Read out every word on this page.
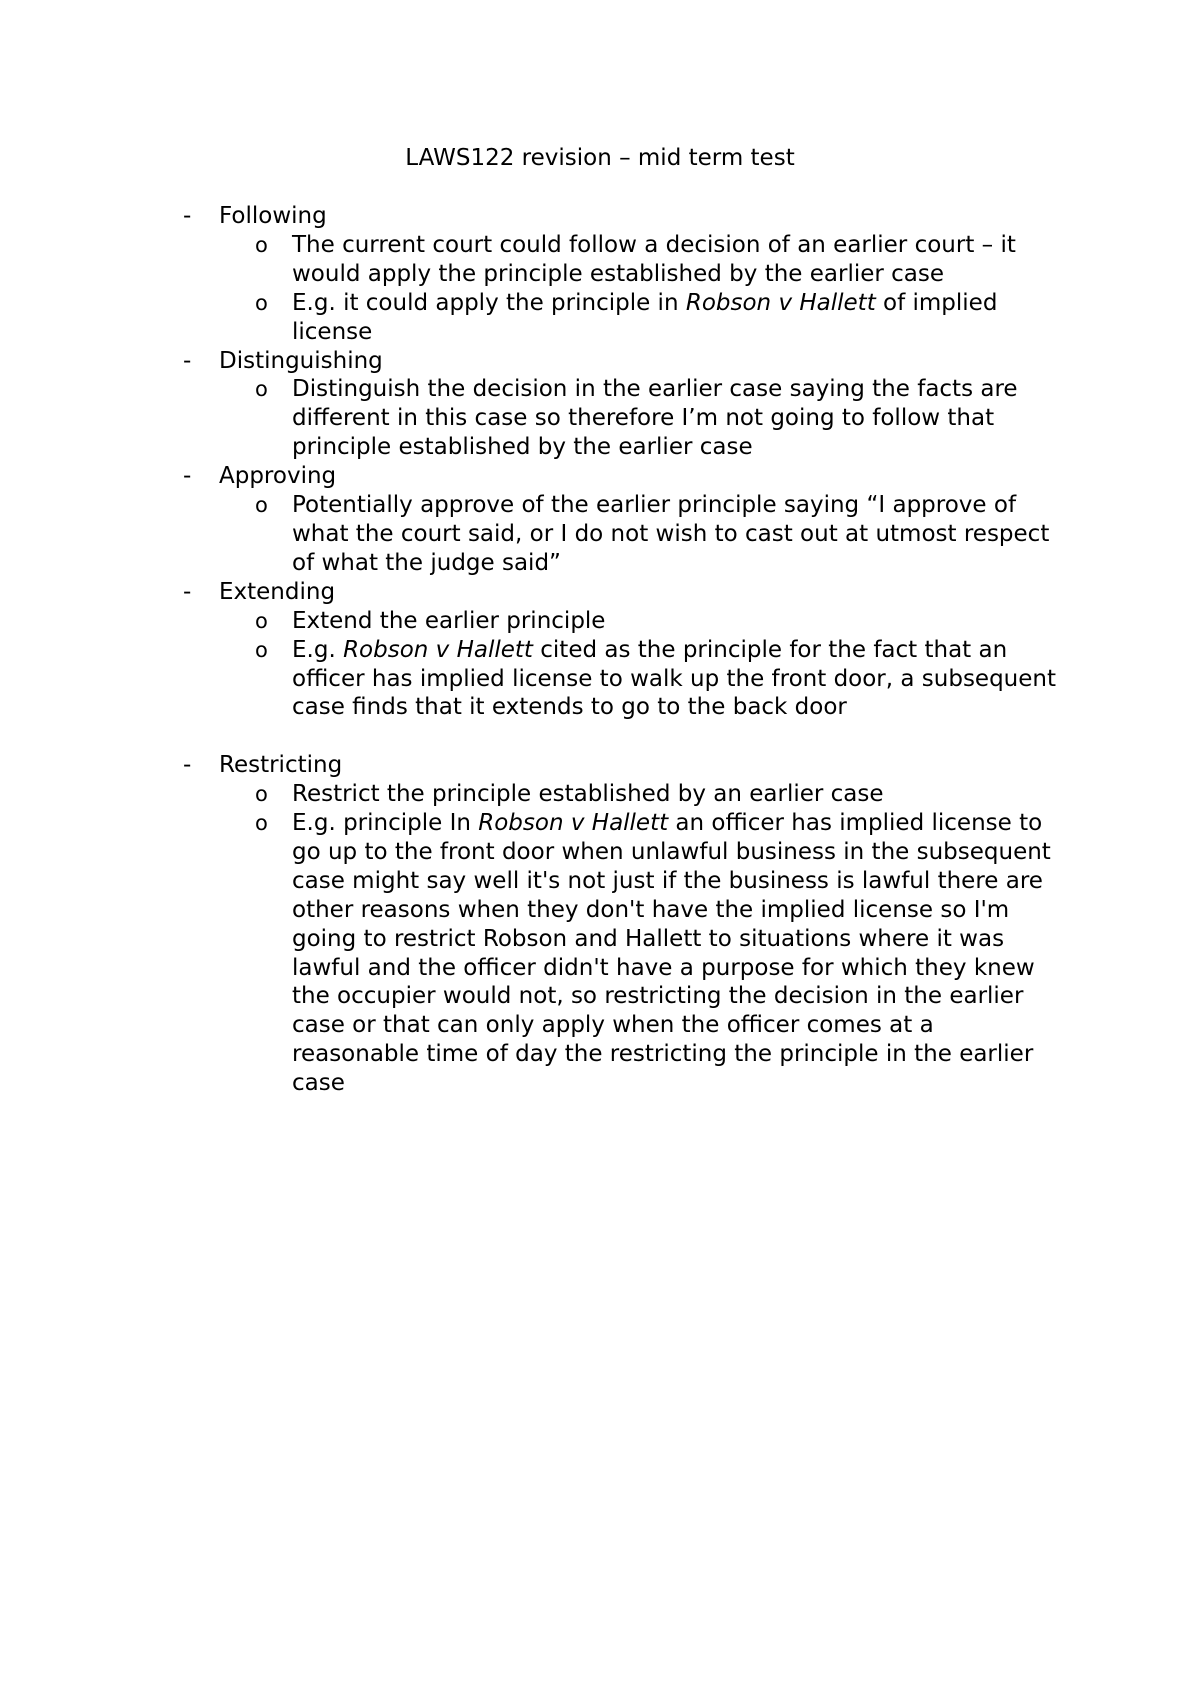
LAWS122 revision – mid term test
-	Following
o	The current court could follow a decision of an earlier court – it would apply the principle established by the earlier case
o	E.g. it could apply the principle in Robson v Hallett of implied license
-	Distinguishing
o	Distinguish the decision in the earlier case saying the facts are different in this case so therefore I’m not going to follow that principle established by the earlier case
-	Approving
o	Potentially approve of the earlier principle saying “I approve of what the court said, or I do not wish to cast out at utmost respect of what the judge said”
-	Extending
o	Extend the earlier principle
o	E.g. Robson v Hallett cited as the principle for the fact that an officer has implied license to walk up the front door, a subsequent case finds that it extends to go to the back door
-	Restricting
o	Restrict the principle established by an earlier case
o	E.g. principle In Robson v Hallett an officer has implied license to go up to the front door when unlawful business in the subsequent case might say well it's not just if the business is lawful there are other reasons when they don't have the implied license so I'm going to restrict Robson and Hallett to situations where it was lawful and the officer didn't have a purpose for which they knew the occupier would not, so restricting the decision in the earlier case or that can only apply when the officer comes at a reasonable time of day the restricting the principle in the earlier case
